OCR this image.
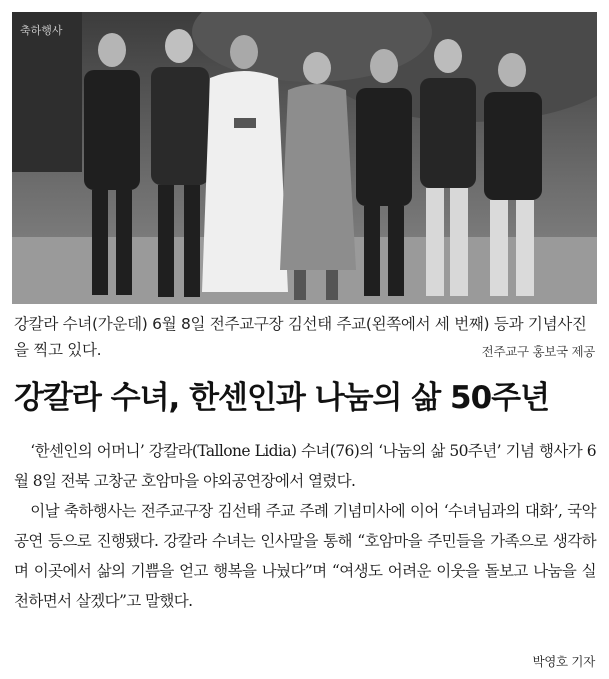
축하행사
강칼라 수녀(가운데) 6월 8일 전주교구장 김선태 주교(왼쪽에서 세 번째) 등과 기념사진을 찍고 있다.	전주교구 홍보국 제공
강칼라 수녀, 한센인과 나눔의 삶 50주년

‘한센인의 어머니’ 강칼라(Tallone Lidia) 수녀(76)의 ‘나눔의 삶 50주년’ 기념 행사가 6월 8일 전북 고창군 호암마을 야외공연장에서 열렸다.

이날 축하행사는 전주교구장 김선태 주교 주례 기념미사에 이어 ‘수녀님과의 대화’, 국악 공연 등으로 진행됐다. 강칼라 수녀는 인사말을 통해 “호암마을 주민들을 가족으로 생각하며 이곳에서 삶의 기쁨을 얻고 행복을 나눴다”며 “여생도 어려운 이웃을 돌보고 나눔을 실천하면서 살겠다”고 말했다.

박영호 기자
